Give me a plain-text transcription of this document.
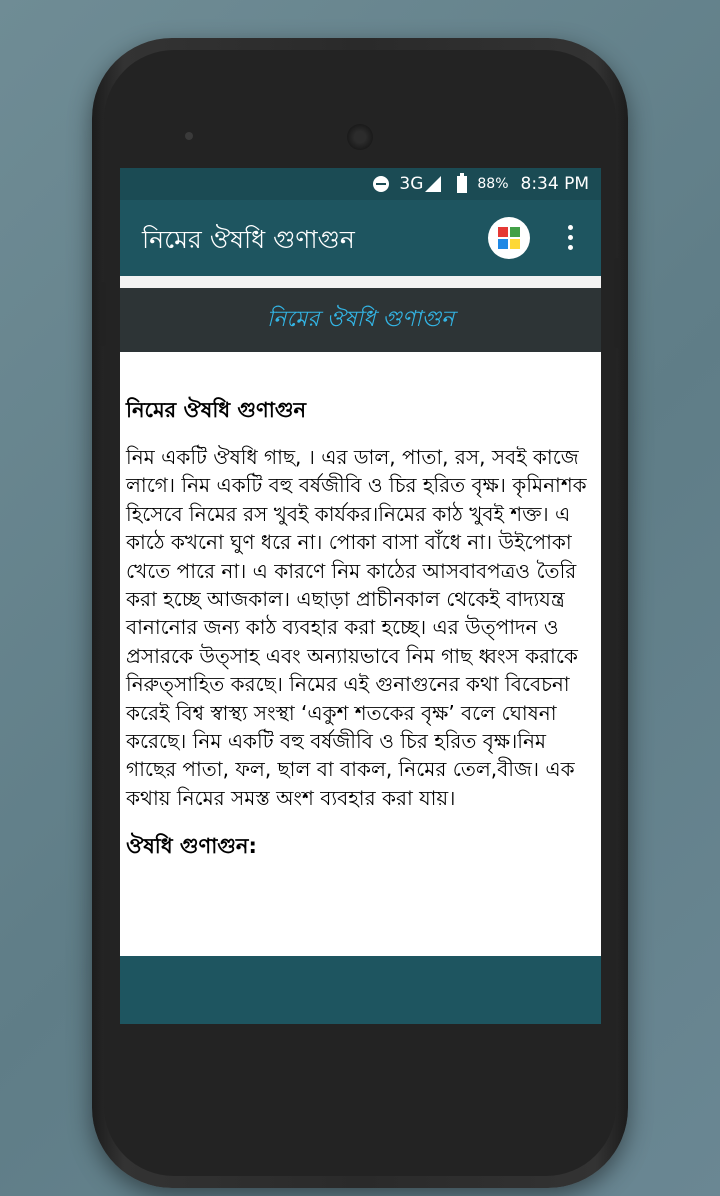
3G	88% 8:34 PM
নিমের ঔষধি গুণাগুন
নিমের ঔষধি গুণাগুন

নিমের ঔষধি গুণাগুন

নিম একটি ঔষধি গাছ, । এর ডাল, পাতা, রস, সবই কাজে লাগে। নিম একটি বহু বর্ষজীবি ও চির হরিত বৃক্ষ। কৃমিনাশক হিসেবে নিমের রস খুবই কার্যকর।নিমের কাঠ খুবই শক্ত। এ কাঠে কখনো ঘুণ ধরে না। পোকা বাসা বাঁধে না। উইপোকা খেতে পারে না। এ কারণে নিম কাঠের আসবাবপত্রও তৈরি করা হচ্ছে আজকাল। এছাড়া প্রাচীনকাল থেকেই বাদ্যযন্ত্র বানানোর জন্য কাঠ ব্যবহার করা হচ্ছে। এর উত্পাদন ও প্রসারকে উত্সাহ এবং অন্যায়ভাবে নিম গাছ ধ্বংস করাকে নিরুত্সাহিত করছে। নিমের এই গুনাগুনের কথা বিবেচনা করেই বিশ্ব স্বাস্থ্য সংস্থা ‘একুশ শতকের বৃক্ষ’ বলে ঘোষনা করেছে। নিম একটি বহু বর্ষজীবি ও চির হরিত বৃক্ষ।নিম গাছের পাতা, ফল, ছাল বা বাকল, নিমের তেল,বীজ। এক কথায় নিমের সমস্ত অংশ ব্যবহার করা যায়।

ঔষধি গুণাগুন:
